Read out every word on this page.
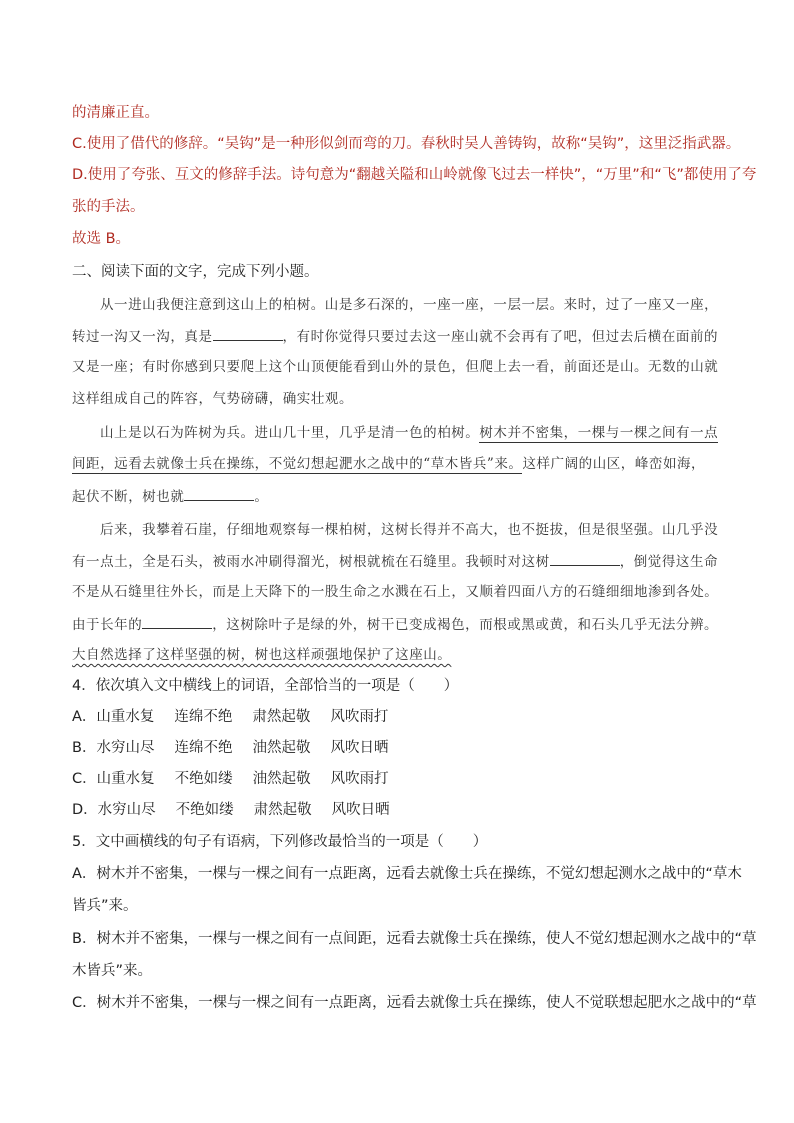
的清廉正直。
C.使用了借代的修辞。“吴钩”是一种形似剑而弯的刀。春秋时吴人善铸钩，故称“吴钩”，这里泛指武器。
D.使用了夸张、互文的修辞手法。诗句意为“翻越关隘和山岭就像飞过去一样快”，“万里”和“飞”都使用了夸
张的手法。
故选 B。
二、阅读下面的文字，完成下列小题。
从一进山我便注意到这山上的柏树。山是多石深的，一座一座，一层一层。来时，过了一座又一座，
转过一沟又一沟，真是	，有时你觉得只要过去这一座山就不会再有了吧，但过去后横在面前的
又是一座；有时你感到只要爬上这个山顶便能看到山外的景色，但爬上去一看，前面还是山。无数的山就
这样组成自己的阵容，气势磅礴，确实壮观。
山上是以石为阵树为兵。进山几十里，几乎是清一色的柏树。树木并不密集，一棵与一棵之间有一点
间距，远看去就像士兵在操练，不觉幻想起淝水之战中的“草木皆兵”来。这样广阔的山区，峰峦如海，
起伏不断，树也就	。
后来，我攀着石崖，仔细地观察每一棵柏树，这树长得并不高大，也不挺拔，但是很坚强。山几乎没
有一点土，全是石头，被雨水冲刷得溜光，树根就梳在石缝里。我顿时对这树	，倒觉得这生命
不是从石缝里往外长，而是上天降下的一股生命之水溅在石上，又顺着四面八方的石缝细细地渗到各处。
由于长年的	，这树除叶子是绿的外，树干已变成褐色，而根或黑或黄，和石头几乎无法分辨。
大自然选择了这样坚强的树，树也这样顽强地保护了这座山。
4．依次填入文中横线上的词语，全部恰当的一项是（　　）
A．山重水复 连绵不绝 肃然起敬 风吹雨打
B．水穷山尽 连绵不绝 油然起敬 风吹日晒
C．山重水复 不绝如缕 油然起敬 风吹雨打
D．水穷山尽 不绝如缕 肃然起敬 风吹日晒
5．文中画横线的句子有语病，下列修改最恰当的一项是（　　）
A．树木并不密集，一棵与一棵之间有一点距离，远看去就像士兵在操练，不觉幻想起测水之战中的“草木
皆兵”来。
B．树木并不密集，一棵与一棵之间有一点间距，远看去就像士兵在操练，使人不觉幻想起测水之战中的“草
木皆兵”来。
C．树木并不密集，一棵与一棵之间有一点距离，远看去就像士兵在操练，使人不觉联想起肥水之战中的“草
